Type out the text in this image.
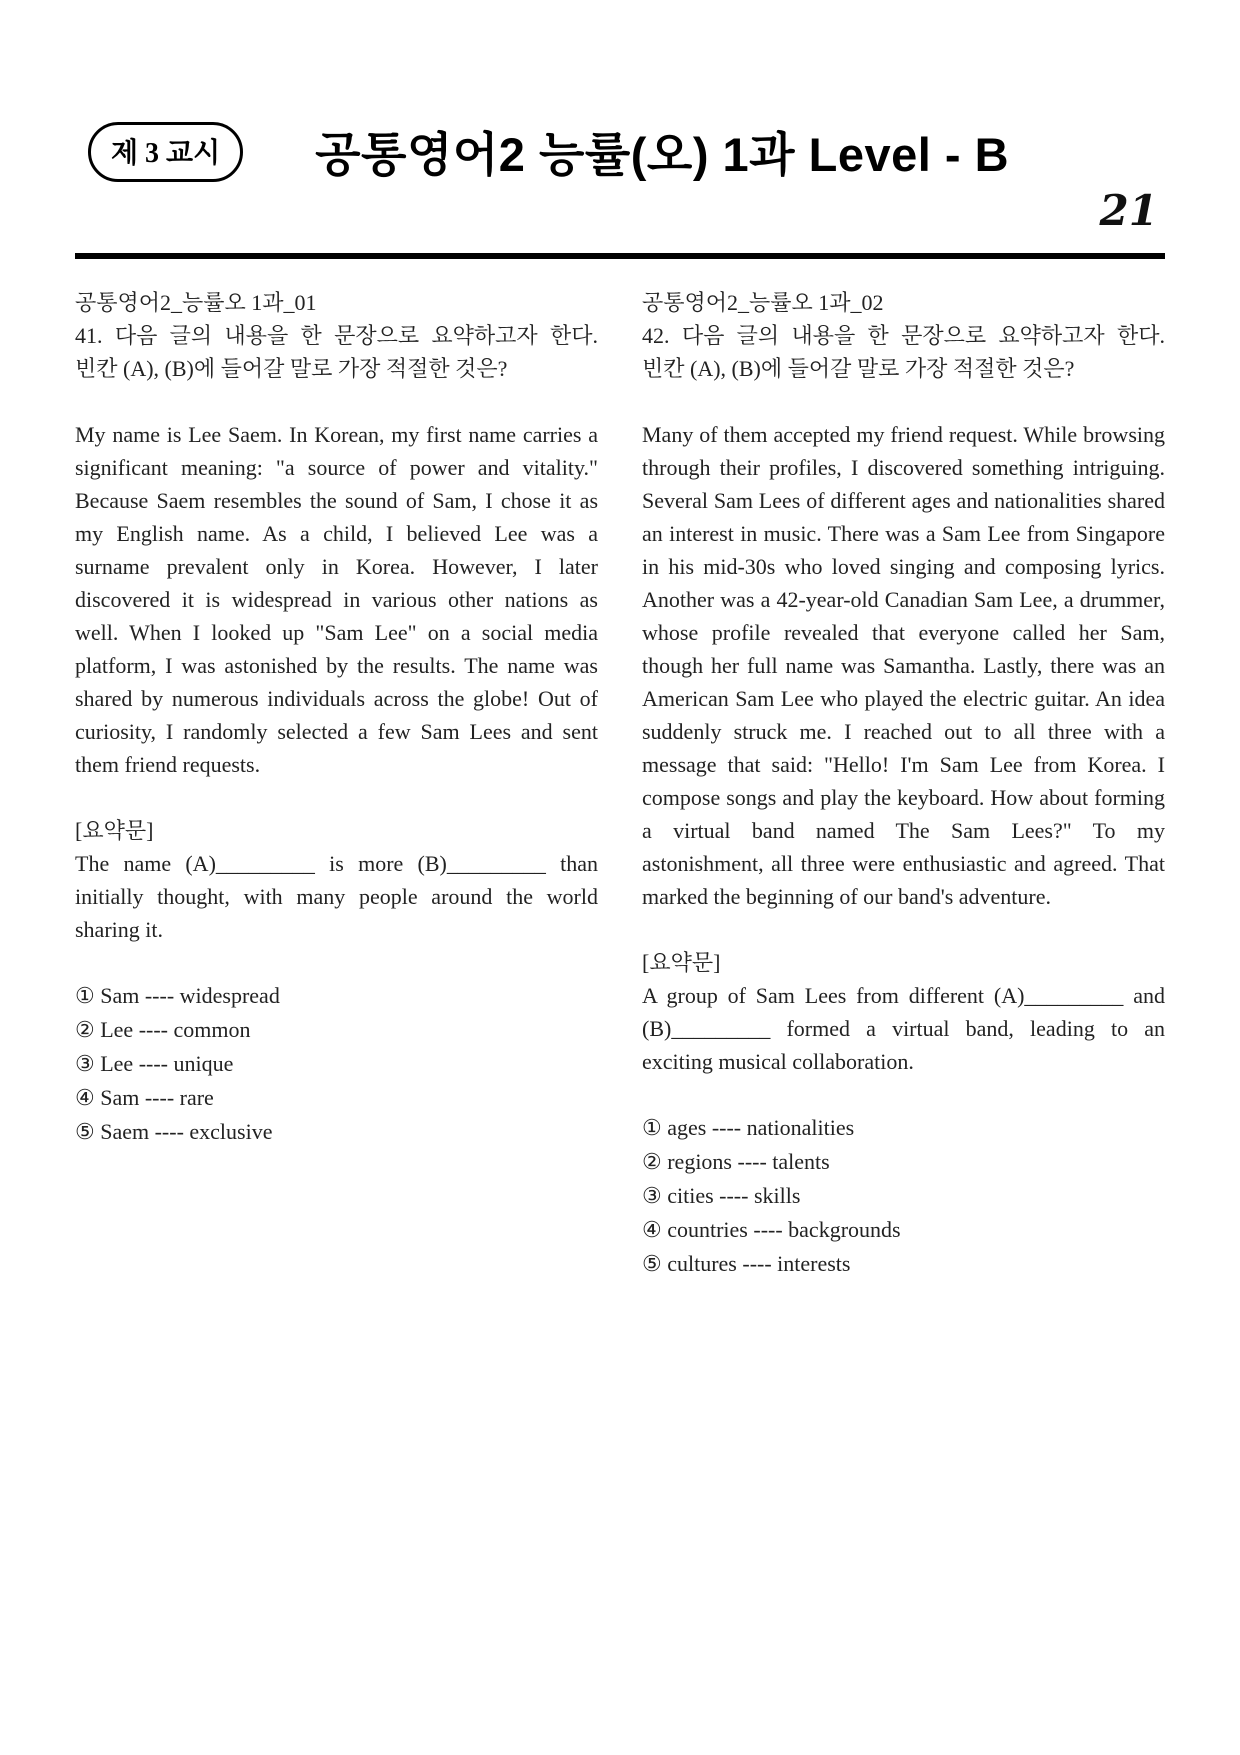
제 3 교시	공통영어2 능률(오) 1과 Level - B
21
공통영어2_능률오 1과_01
41. 다음 글의 내용을 한 문장으로 요약하고자 한다. 빈칸 (A), (B)에 들어갈 말로 가장 적절한 것은?
My name is Lee Saem. In Korean, my first name carries a significant meaning: "a source of power and vitality." Because Saem resembles the sound of Sam, I chose it as my English name. As a child, I believed Lee was a surname prevalent only in Korea. However, I later discovered it is widespread in various other nations as well. When I looked up "Sam Lee" on a social media platform, I was astonished by the results. The name was shared by numerous individuals across the globe! Out of curiosity, I randomly selected a few Sam Lees and sent them friend requests.
[요약문]
The name (A)_________ is more (B)_________ than initially thought, with many people around the world sharing it.
① Sam ---- widespread
② Lee ---- common
③ Lee ---- unique
④ Sam ---- rare
⑤ Saem ---- exclusive
공통영어2_능률오 1과_02
42. 다음 글의 내용을 한 문장으로 요약하고자 한다. 빈칸 (A), (B)에 들어갈 말로 가장 적절한 것은?
Many of them accepted my friend request. While browsing through their profiles, I discovered something intriguing. Several Sam Lees of different ages and nationalities shared an interest in music. There was a Sam Lee from Singapore in his mid-30s who loved singing and composing lyrics. Another was a 42-year-old Canadian Sam Lee, a drummer, whose profile revealed that everyone called her Sam, though her full name was Samantha. Lastly, there was an American Sam Lee who played the electric guitar. An idea suddenly struck me. I reached out to all three with a message that said: "Hello! I'm Sam Lee from Korea. I compose songs and play the keyboard. How about forming a virtual band named The Sam Lees?" To my astonishment, all three were enthusiastic and agreed. That marked the beginning of our band's adventure.
[요약문]
A group of Sam Lees from different (A)_________ and (B)_________ formed a virtual band, leading to an exciting musical collaboration.
① ages ---- nationalities
② regions ---- talents
③ cities ---- skills
④ countries ---- backgrounds
⑤ cultures ---- interests
